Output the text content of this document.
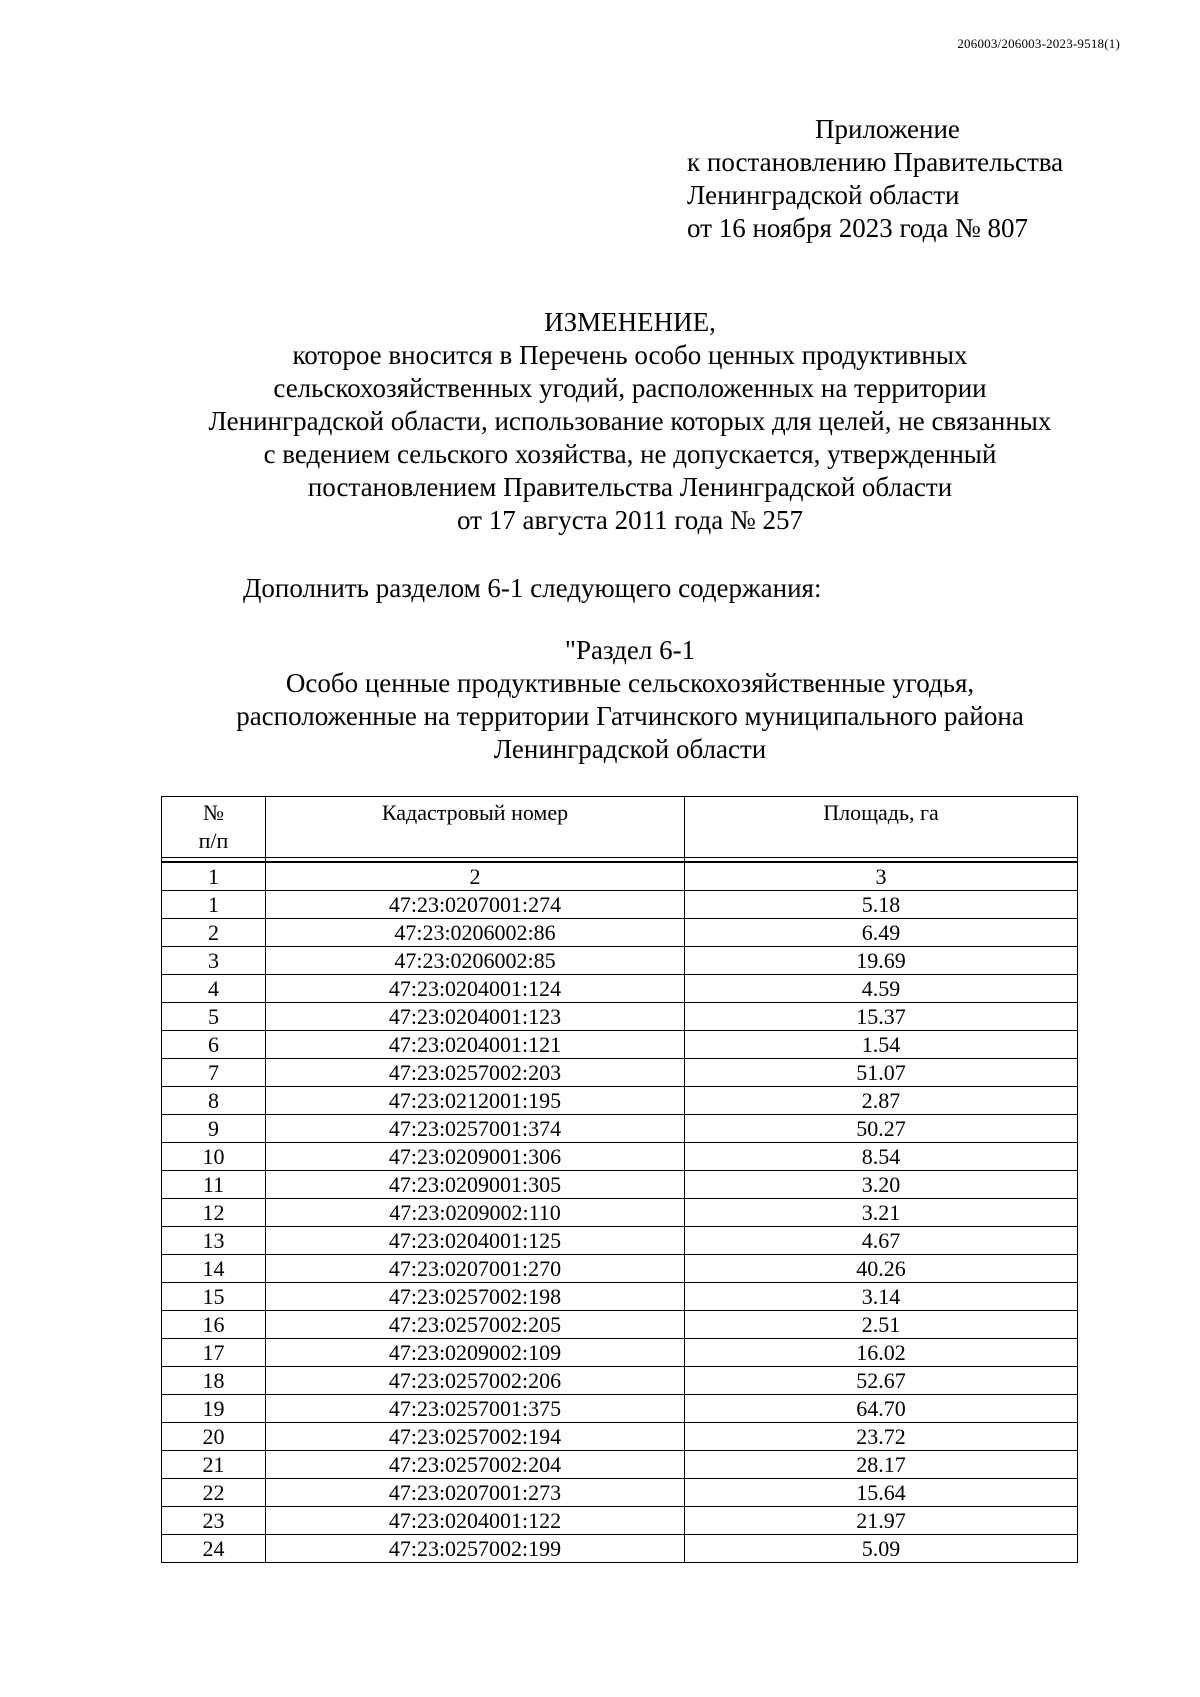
206003/206003-2023-9518(1)
Приложение
к постановлению Правительства
Ленинградской области
от 16 ноября 2023 года № 807
ИЗМЕНЕНИЕ,
которое вносится в Перечень особо ценных продуктивных
сельскохозяйственных угодий, расположенных на территории
Ленинградской области, использование которых для целей, не связанных
с ведением сельского хозяйства, не допускается, утвержденный
постановлением Правительства Ленинградской области
от 17 августа 2011 года № 257
Дополнить разделом 6-1 следующего содержания:
"Раздел 6-1
Особо ценные продуктивные сельскохозяйственные угодья,
расположенные на территории Гатчинского муниципального района
Ленинградской области
№
п/п	Кадастровый номер	Площадь, га

1	2	3
1	47:23:0207001:274	5.18
2	47:23:0206002:86	6.49
3	47:23:0206002:85	19.69
4	47:23:0204001:124	4.59
5	47:23:0204001:123	15.37
6	47:23:0204001:121	1.54
7	47:23:0257002:203	51.07
8	47:23:0212001:195	2.87
9	47:23:0257001:374	50.27
10	47:23:0209001:306	8.54
11	47:23:0209001:305	3.20
12	47:23:0209002:110	3.21
13	47:23:0204001:125	4.67
14	47:23:0207001:270	40.26
15	47:23:0257002:198	3.14
16	47:23:0257002:205	2.51
17	47:23:0209002:109	16.02
18	47:23:0257002:206	52.67
19	47:23:0257001:375	64.70
20	47:23:0257002:194	23.72
21	47:23:0257002:204	28.17
22	47:23:0207001:273	15.64
23	47:23:0204001:122	21.97
24	47:23:0257002:199	5.09
